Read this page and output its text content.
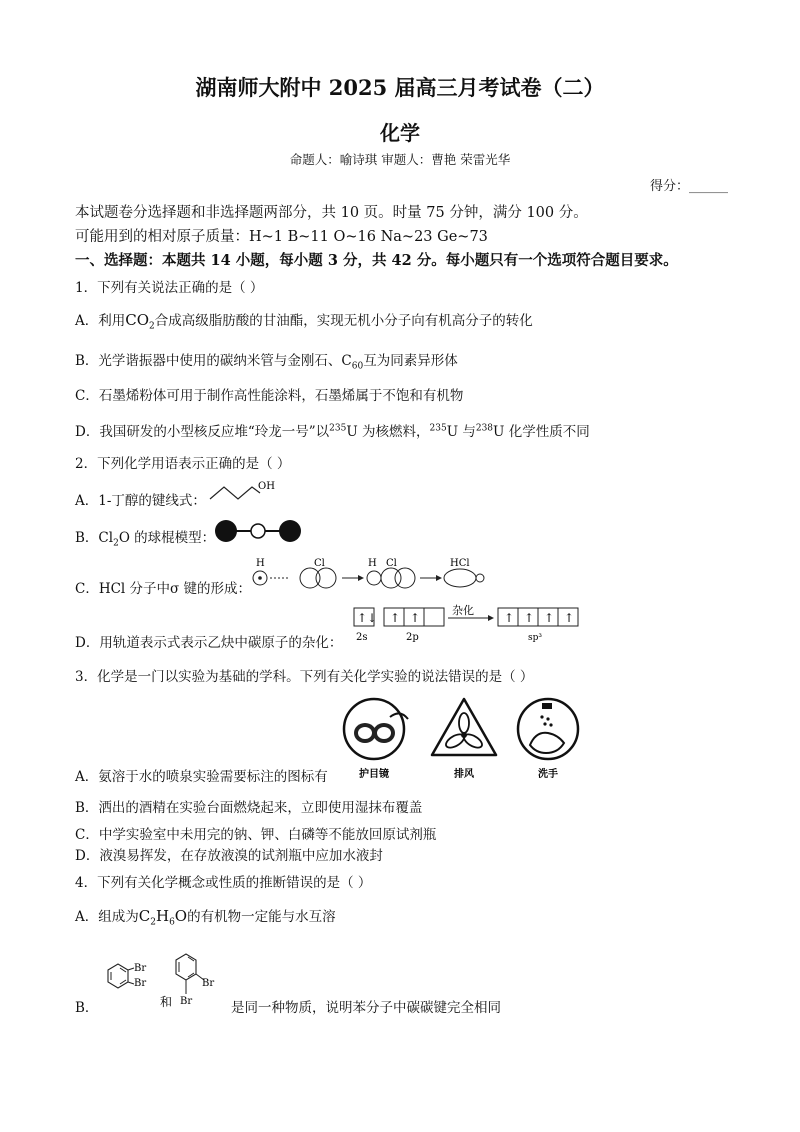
湖南师大附中 2025 届高三月考试卷（二）
化学
命题人：喻诗琪 审题人：曹艳 荣雷光华
得分：______
本试题卷分选择题和非选择题两部分，共 10 页。时量 75 分钟，满分 100 分。
可能用到的相对原子质量：H~1 B~11 O~16 Na~23 Ge~73
一、选择题：本题共 14 小题，每小题 3 分，共 42 分。每小题只有一个选项符合题目要求。
1．下列有关说法正确的是（ ）
A．利用$CO_2$合成高级脂肪酸的甘油酯，实现无机小分子向有机高分子的转化
B．光学谐振器中使用的碳纳米管与金刚石、$C_{60}$互为同素异形体
C．石墨烯粉体可用于制作高性能涂料，石墨烯属于不饱和有机物
D．我国研发的小型核反应堆“玲龙一号”以$^{235}$U 为核燃料，$^{235}$U 与$^{238}$U 化学性质不同
2．下列化学用语表示正确的是（ ）
A．1-丁醇的键线式：
OH
B．$Cl_2O$ 的球棍模型：
C．HCl 分子中σ 键的形成：
H	Cl	H Cl	HCl
D．用轨道表示式表示乙炔中碳原子的杂化：
↑↓ ↑ ↑
2s	2p
杂化
↑ ↑ ↑ ↑
sp³
3．化学是一门以实验为基础的学科。下列有关化学实验的说法错误的是（ ）
A．氨溶于水的喷泉实验需要标注的图标有	护目镜	排风	洗手
B．洒出的酒精在实验台面燃烧起来，立即使用湿抹布覆盖
C．中学实验室中未用完的钠、钾、白磷等不能放回原试剂瓶
D．液溴易挥发，在存放液溴的试剂瓶中应加水液封
4．下列有关化学概念或性质的推断错误的是（ ）
A．组成为$C_2H_6O$的有机物一定能与水互溶
B．
Br
Br
和
Br
Br	是同一种物质，说明苯分子中碳碳键完全相同
